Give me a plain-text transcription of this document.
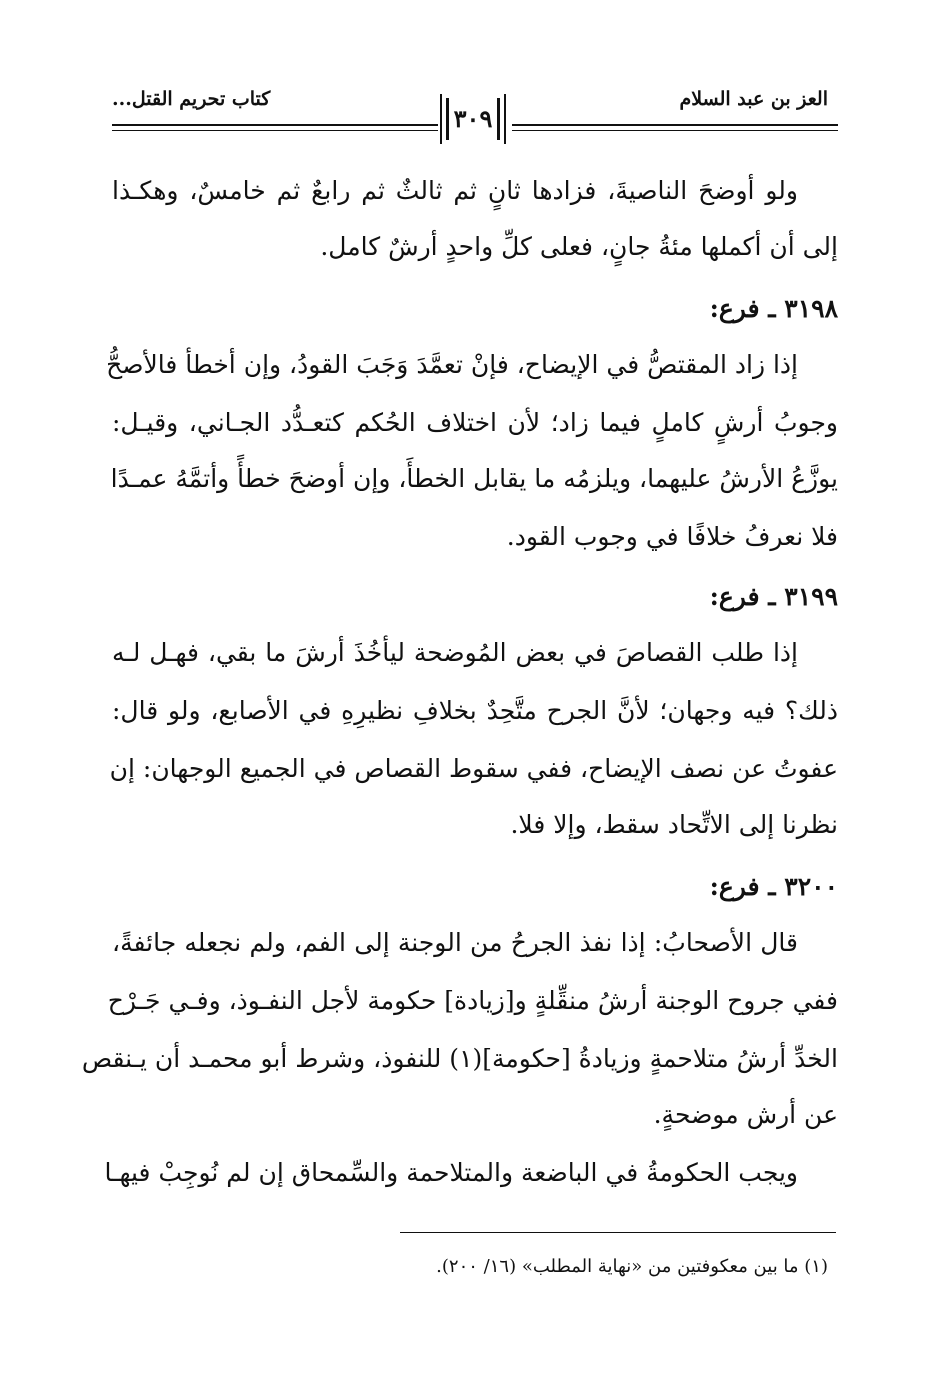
العز بن عبد السلام
كتاب تحريم القتل...
٣٠٩
ولو أوضحَ الناصيةَ، فزادها ثانٍ ثم ثالثٌ ثم رابعٌ ثم خامسٌ، وهكـذا
إلى أن أكملها مئةُ جانٍ، فعلى كلِّ واحدٍ أرشٌ كامل.
٣١٩٨ ـ فرع:
إذا زاد المقتصُّ في الإيضاح، فإنْ تعمَّدَ وَجَبَ القودُ، وإن أخطأ فالأصحُّ
وجوبُ أرشٍ كاملٍ فيما زاد؛ لأن اختلاف الحُكم كتعـدُّد الجـاني، وقيـل:
يوزَّعُ الأرشُ عليهما، ويلزمُه ما يقابل الخطأَ، وإن أوضحَ خطأً وأتمَّهُ عمـدًا
فلا نعرفُ خلافًا في وجوب القود.
٣١٩٩ ـ فرع:
إذا طلب القصاصَ في بعض المُوضحة ليأخُذَ أرشَ ما بقي، فهـل لـه
ذلك؟ فيه وجهان؛ لأنَّ الجرح متَّحِدٌ بخلافِ نظيرِهِ في الأصابع، ولو قال:
عفوتُ عن نصف الإيضاح، ففي سقوط القصاص في الجميع الوجهان: إن
نظرنا إلى الاتِّحاد سقط، وإلا فلا.
٣٢٠٠ ـ فرع:
قال الأصحابُ: إذا نفذ الجرحُ من الوجنة إلى الفم، ولم نجعله جائفةً،
ففي جروح الوجنة أرشُ منقِّلةٍ و[زيادة] حكومة لأجل النفـوذ، وفـي جَـرْح
الخدِّ أرشُ متلاحمةٍ وزيادةُ [حكومة](١) للنفوذ، وشرط أبو محمـد أن يـنقص
عن أرش موضحةٍ.
ويجب الحكومةُ في الباضعة والمتلاحمة والسِّمحاق إن لم نُوجِبْ فيهـا
(١) ما بين معكوفتين من «نهاية المطلب» (١٦/ ٢٠٠).
